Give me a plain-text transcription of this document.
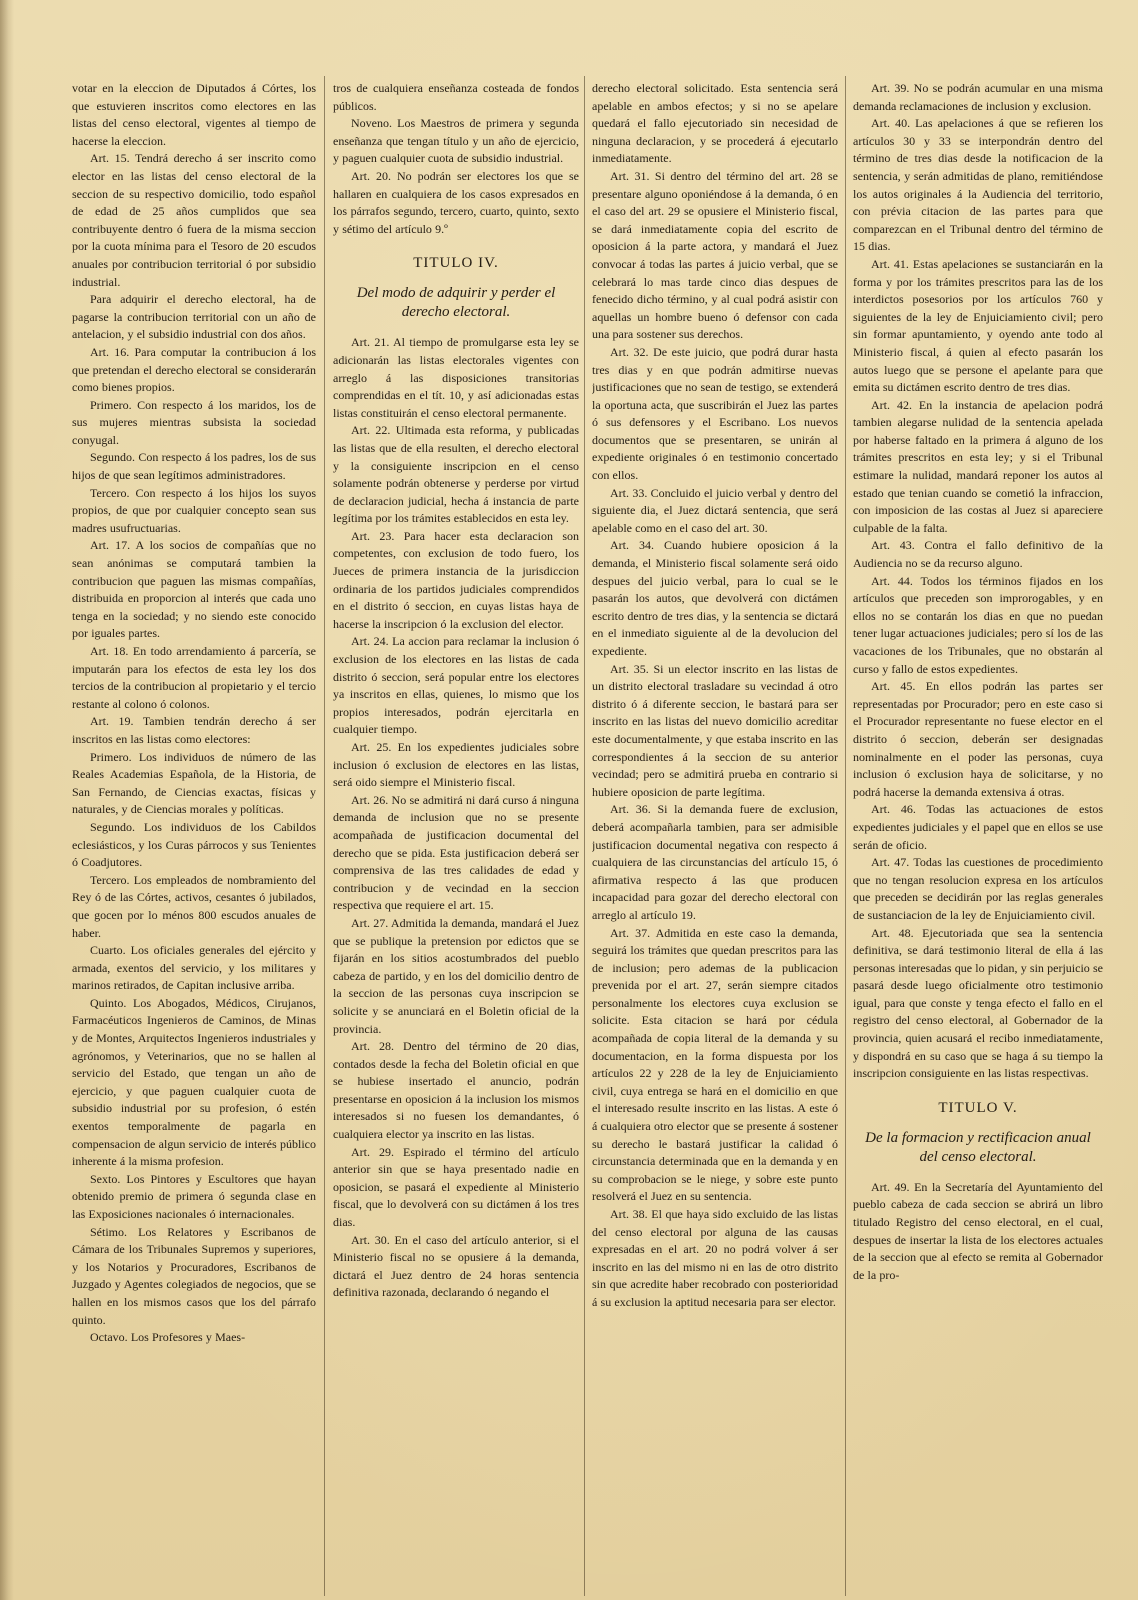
votar en la eleccion de Diputados á Córtes, los que estuvieren inscritos como electores en las listas del censo electoral, vigentes al tiempo de hacerse la eleccion.

Art. 15. Tendrá derecho á ser inscrito como elector en las listas del censo electoral de la seccion de su respectivo domicilio, todo español de edad de 25 años cumplidos que sea contribuyente dentro ó fuera de la misma seccion por la cuota mínima para el Tesoro de 20 escudos anuales por contribucion territorial ó por subsidio industrial.

Para adquirir el derecho electoral, ha de pagarse la contribucion territorial con un año de antelacion, y el subsidio industrial con dos años.

Art. 16. Para computar la contribucion á los que pretendan el derecho electoral se considerarán como bienes propios.

Primero. Con respecto á los maridos, los de sus mujeres mientras subsista la sociedad conyugal.

Segundo. Con respecto á los padres, los de sus hijos de que sean legítimos administradores.

Tercero. Con respecto á los hijos los suyos propios, de que por cualquier concepto sean sus madres usufructuarias.

Art. 17. A los socios de compañías que no sean anónimas se computará tambien la contribucion que paguen las mismas compañías, distribuida en proporcion al interés que cada uno tenga en la sociedad; y no siendo este conocido por iguales partes.

Art. 18. En todo arrendamiento á parcería, se imputarán para los efectos de esta ley los dos tercios de la contribucion al propietario y el tercio restante al colono ó colonos.

Art. 19. Tambien tendrán derecho á ser inscritos en las listas como electores:

Primero. Los individuos de número de las Reales Academias Española, de la Historia, de San Fernando, de Ciencias exactas, físicas y naturales, y de Ciencias morales y políticas.

Segundo. Los individuos de los Cabildos eclesiásticos, y los Curas párrocos y sus Tenientes ó Coadjutores.

Tercero. Los empleados de nombramiento del Rey ó de las Córtes, activos, cesantes ó jubilados, que gocen por lo ménos 800 escudos anuales de haber.

Cuarto. Los oficiales generales del ejército y armada, exentos del servicio, y los militares y marinos retirados, de Capitan inclusive arriba.

Quinto. Los Abogados, Médicos, Cirujanos, Farmacéuticos Ingenieros de Caminos, de Minas y de Montes, Arquitectos Ingenieros industriales y agrónomos, y Veterinarios, que no se hallen al servicio del Estado, que tengan un año de ejercicio, y que paguen cualquier cuota de subsidio industrial por su profesion, ó estén exentos temporalmente de pagarla en compensacion de algun servicio de interés público inherente á la misma profesion.

Sexto. Los Pintores y Escultores que hayan obtenido premio de primera ó segunda clase en las Exposiciones nacionales ó internacionales.

Sétimo. Los Relatores y Escribanos de Cámara de los Tribunales Supremos y superiores, y los Notarios y Procuradores, Escribanos de Juzgado y Agentes colegiados de negocios, que se hallen en los mismos casos que los del párrafo quinto.

Octavo. Los Profesores y Maes-

tros de cualquiera enseñanza costeada de fondos públicos.

Noveno. Los Maestros de primera y segunda enseñanza que tengan título y un año de ejercicio, y paguen cualquier cuota de subsidio industrial.

Art. 20. No podrán ser electores los que se hallaren en cualquiera de los casos expresados en los párrafos segundo, tercero, cuarto, quinto, sexto y sétimo del artículo 9.º

TITULO IV.
Del modo de adquirir y perder el derecho electoral.

Art. 21. Al tiempo de promulgarse esta ley se adicionarán las listas electorales vigentes con arreglo á las disposiciones transitorias comprendidas en el tít. 10, y así adicionadas estas listas constituirán el censo electoral permanente.

Art. 22. Ultimada esta reforma, y publicadas las listas que de ella resulten, el derecho electoral y la consiguiente inscripcion en el censo solamente podrán obtenerse y perderse por virtud de declaracion judicial, hecha á instancia de parte legítima por los trámites establecidos en esta ley.

Art. 23. Para hacer esta declaracion son competentes, con exclusion de todo fuero, los Jueces de primera instancia de la jurisdiccion ordinaria de los partidos judiciales comprendidos en el distrito ó seccion, en cuyas listas haya de hacerse la inscripcion ó la exclusion del elector.

Art. 24. La accion para reclamar la inclusion ó exclusion de los electores en las listas de cada distrito ó seccion, será popular entre los electores ya inscritos en ellas, quienes, lo mismo que los propios interesados, podrán ejercitarla en cualquier tiempo.

Art. 25. En los expedientes judiciales sobre inclusion ó exclusion de electores en las listas, será oido siempre el Ministerio fiscal.

Art. 26. No se admitirá ni dará curso á ninguna demanda de inclusion que no se presente acompañada de justificacion documental del derecho que se pida. Esta justificacion deberá ser comprensiva de las tres calidades de edad y contribucion y de vecindad en la seccion respectiva que requiere el art. 15.

Art. 27. Admitida la demanda, mandará el Juez que se publique la pretension por edictos que se fijarán en los sitios acostumbrados del pueblo cabeza de partido, y en los del domicilio dentro de la seccion de las personas cuya inscripcion se solicite y se anunciará en el Boletin oficial de la provincia.

Art. 28. Dentro del término de 20 dias, contados desde la fecha del Boletin oficial en que se hubiese insertado el anuncio, podrán presentarse en oposicion á la inclusion los mismos interesados si no fuesen los demandantes, ó cualquiera elector ya inscrito en las listas.

Art. 29. Espirado el término del artículo anterior sin que se haya presentado nadie en oposicion, se pasará el expediente al Ministerio fiscal, que lo devolverá con su dictámen á los tres dias.

Art. 30. En el caso del artículo anterior, si el Ministerio fiscal no se opusiere á la demanda, dictará el Juez dentro de 24 horas sentencia definitiva razonada, declarando ó negando el

derecho electoral solicitado. Esta sentencia será apelable en ambos efectos; y si no se apelare quedará el fallo ejecutoriado sin necesidad de ninguna declaracion, y se procederá á ejecutarlo inmediatamente.

Art. 31. Si dentro del término del art. 28 se presentare alguno oponiéndose á la demanda, ó en el caso del art. 29 se opusiere el Ministerio fiscal, se dará inmediatamente copia del escrito de oposicion á la parte actora, y mandará el Juez convocar á todas las partes á juicio verbal, que se celebrará lo mas tarde cinco dias despues de fenecido dicho término, y al cual podrá asistir con aquellas un hombre bueno ó defensor con cada una para sostener sus derechos.

Art. 32. De este juicio, que podrá durar hasta tres dias y en que podrán admitirse nuevas justificaciones que no sean de testigo, se extenderá la oportuna acta, que suscribirán el Juez las partes ó sus defensores y el Escribano. Los nuevos documentos que se presentaren, se unirán al expediente originales ó en testimonio concertado con ellos.

Art. 33. Concluido el juicio verbal y dentro del siguiente dia, el Juez dictará sentencia, que será apelable como en el caso del art. 30.

Art. 34. Cuando hubiere oposicion á la demanda, el Ministerio fiscal solamente será oido despues del juicio verbal, para lo cual se le pasarán los autos, que devolverá con dictámen escrito dentro de tres dias, y la sentencia se dictará en el inmediato siguiente al de la devolucion del expediente.

Art. 35. Si un elector inscrito en las listas de un distrito electoral trasladare su vecindad á otro distrito ó á diferente seccion, le bastará para ser inscrito en las listas del nuevo domicilio acreditar este documentalmente, y que estaba inscrito en las correspondientes á la seccion de su anterior vecindad; pero se admitirá prueba en contrario si hubiere oposicion de parte legítima.

Art. 36. Si la demanda fuere de exclusion, deberá acompañarla tambien, para ser admisible justificacion documental negativa con respecto á cualquiera de las circunstancias del artículo 15, ó afirmativa respecto á las que producen incapacidad para gozar del derecho electoral con arreglo al artículo 19.

Art. 37. Admitida en este caso la demanda, seguirá los trámites que quedan prescritos para las de inclusion; pero ademas de la publicacion prevenida por el art. 27, serán siempre citados personalmente los electores cuya exclusion se solicite. Esta citacion se hará por cédula acompañada de copia literal de la demanda y su documentacion, en la forma dispuesta por los artículos 22 y 228 de la ley de Enjuiciamiento civil, cuya entrega se hará en el domicilio en que el interesado resulte inscrito en las listas. A este ó á cualquiera otro elector que se presente á sostener su derecho le bastará justificar la calidad ó circunstancia determinada que en la demanda y en su comprobacion se le niege, y sobre este punto resolverá el Juez en su sentencia.

Art. 38. El que haya sido excluido de las listas del censo electoral por alguna de las causas expresadas en el art. 20 no podrá volver á ser inscrito en las del mismo ni en las de otro distrito sin que acredite haber recobrado con posterioridad á su exclusion la aptitud necesaria para ser elector.

Art. 39. No se podrán acumular en una misma demanda reclamaciones de inclusion y exclusion.

Art. 40. Las apelaciones á que se refieren los artículos 30 y 33 se interpondrán dentro del término de tres dias desde la notificacion de la sentencia, y serán admitidas de plano, remitiéndose los autos originales á la Audiencia del territorio, con prévia citacion de las partes para que comparezcan en el Tribunal dentro del término de 15 dias.

Art. 41. Estas apelaciones se sustanciarán en la forma y por los trámites prescritos para las de los interdictos posesorios por los artículos 760 y siguientes de la ley de Enjuiciamiento civil; pero sin formar apuntamiento, y oyendo ante todo al Ministerio fiscal, á quien al efecto pasarán los autos luego que se persone el apelante para que emita su dictámen escrito dentro de tres dias.

Art. 42. En la instancia de apelacion podrá tambien alegarse nulidad de la sentencia apelada por haberse faltado en la primera á alguno de los trámites prescritos en esta ley; y si el Tribunal estimare la nulidad, mandará reponer los autos al estado que tenian cuando se cometió la infraccion, con imposicion de las costas al Juez si apareciere culpable de la falta.

Art. 43. Contra el fallo definitivo de la Audiencia no se da recurso alguno.

Art. 44. Todos los términos fijados en los artículos que preceden son improrogables, y en ellos no se contarán los dias en que no puedan tener lugar actuaciones judiciales; pero sí los de las vacaciones de los Tribunales, que no obstarán al curso y fallo de estos expedientes.

Art. 45. En ellos podrán las partes ser representadas por Procurador; pero en este caso si el Procurador representante no fuese elector en el distrito ó seccion, deberán ser designadas nominalmente en el poder las personas, cuya inclusion ó exclusion haya de solicitarse, y no podrá hacerse la demanda extensiva á otras.

Art. 46. Todas las actuaciones de estos expedientes judiciales y el papel que en ellos se use serán de oficio.

Art. 47. Todas las cuestiones de procedimiento que no tengan resolucion expresa en los artículos que preceden se decidirán por las reglas generales de sustanciacion de la ley de Enjuiciamiento civil.

Art. 48. Ejecutoriada que sea la sentencia definitiva, se dará testimonio literal de ella á las personas interesadas que lo pidan, y sin perjuicio se pasará desde luego oficialmente otro testimonio igual, para que conste y tenga efecto el fallo en el registro del censo electoral, al Gobernador de la provincia, quien acusará el recibo inmediatamente, y dispondrá en su caso que se haga á su tiempo la inscripcion consiguiente en las listas respectivas.

TITULO V.
De la formacion y rectificacion anual del censo electoral.

Art. 49. En la Secretaría del Ayuntamiento del pueblo cabeza de cada seccion se abrirá un libro titulado Registro del censo electoral, en el cual, despues de insertar la lista de los electores actuales de la seccion que al efecto se remita al Gobernador de la pro-
